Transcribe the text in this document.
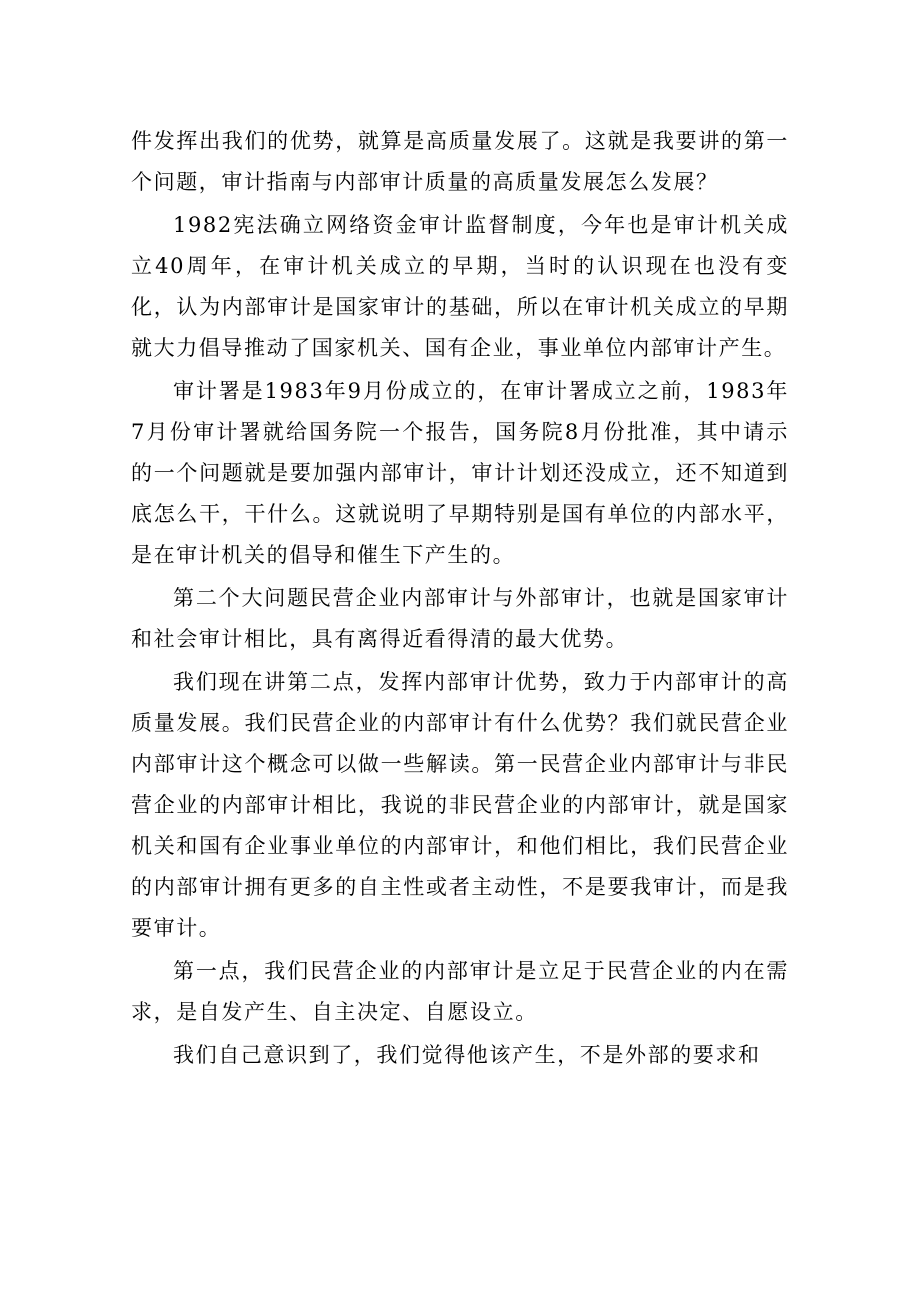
件发挥出我们的优势，就算是高质量发展了。这就是我要讲的第一个问题，审计指南与内部审计质量的高质量发展怎么发展？

1982宪法确立网络资金审计监督制度，今年也是审计机关成立40周年，在审计机关成立的早期，当时的认识现在也没有变化，认为内部审计是国家审计的基础，所以在审计机关成立的早期就大力倡导推动了国家机关、国有企业，事业单位内部审计产生。

审计署是1983年9月份成立的，在审计署成立之前，1983年7月份审计署就给国务院一个报告，国务院8月份批准，其中请示的一个问题就是要加强内部审计，审计计划还没成立，还不知道到底怎么干，干什么。这就说明了早期特别是国有单位的内部水平，是在审计机关的倡导和催生下产生的。

第二个大问题民营企业内部审计与外部审计，也就是国家审计和社会审计相比，具有离得近看得清的最大优势。

我们现在讲第二点，发挥内部审计优势，致力于内部审计的高质量发展。我们民营企业的内部审计有什么优势？我们就民营企业内部审计这个概念可以做一些解读。第一民营企业内部审计与非民营企业的内部审计相比，我说的非民营企业的内部审计，就是国家机关和国有企业事业单位的内部审计，和他们相比，我们民营企业的内部审计拥有更多的自主性或者主动性，不是要我审计，而是我要审计。

第一点，我们民营企业的内部审计是立足于民营企业的内在需求，是自发产生、自主决定、自愿设立。

我们自己意识到了，我们觉得他该产生，不是外部的要求和
